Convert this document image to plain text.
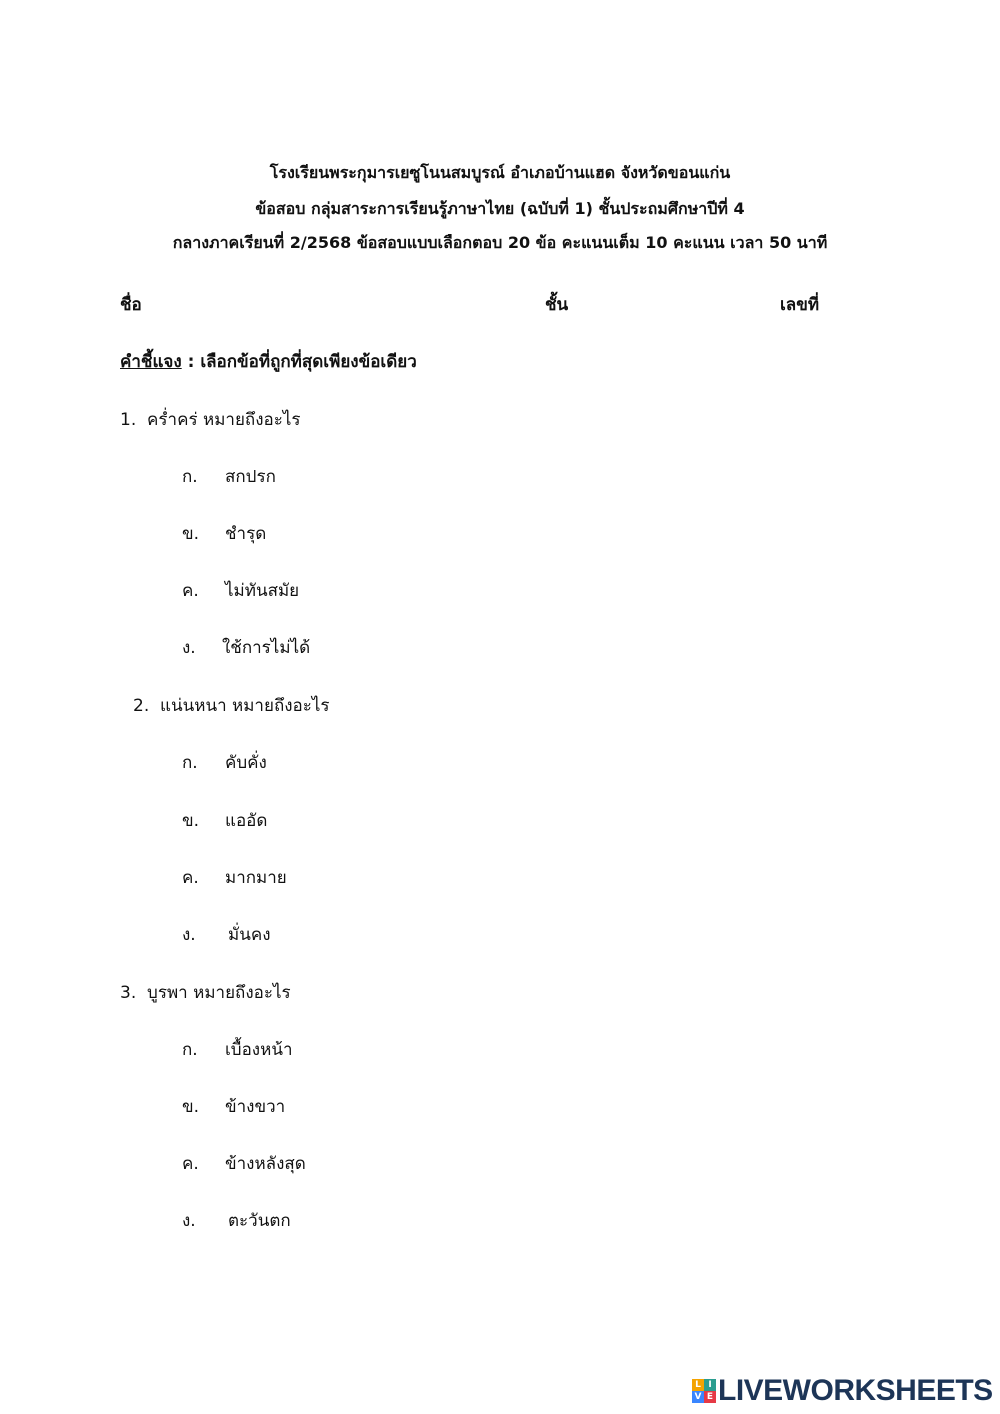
โรงเรียนพระกุมารเยซูโนนสมบูรณ์ อำเภอบ้านแฮด จังหวัดขอนแก่น
ข้อสอบ กลุ่มสาระการเรียนรู้ภาษาไทย (ฉบับที่ 1) ชั้นประถมศึกษาปีที่ 4
กลางภาคเรียนที่ 2/2568 ข้อสอบแบบเลือกตอบ 20 ข้อ คะแนนเต็ม 10 คะแนน เวลา 50 นาที
ชื่อ	ชั้น	เลขที่
คำชี้แจง : เลือกข้อที่ถูกที่สุดเพียงข้อเดียว
1. คร่ำคร่ หมายถึงอะไร
ก. สกปรก
ข. ชำรุด
ค. ไม่ทันสมัย
ง. ใช้การไม่ได้
2. แน่นหนา หมายถึงอะไร
ก. คับคั่ง
ข. แออัด
ค. มากมาย
ง. มั่นคง
3. บูรพา หมายถึงอะไร
ก. เบื้องหน้า
ข. ข้างขวา
ค. ข้างหลังสุด
ง. ตะวันตก
L I
V E LIVEWORKSHEETS
